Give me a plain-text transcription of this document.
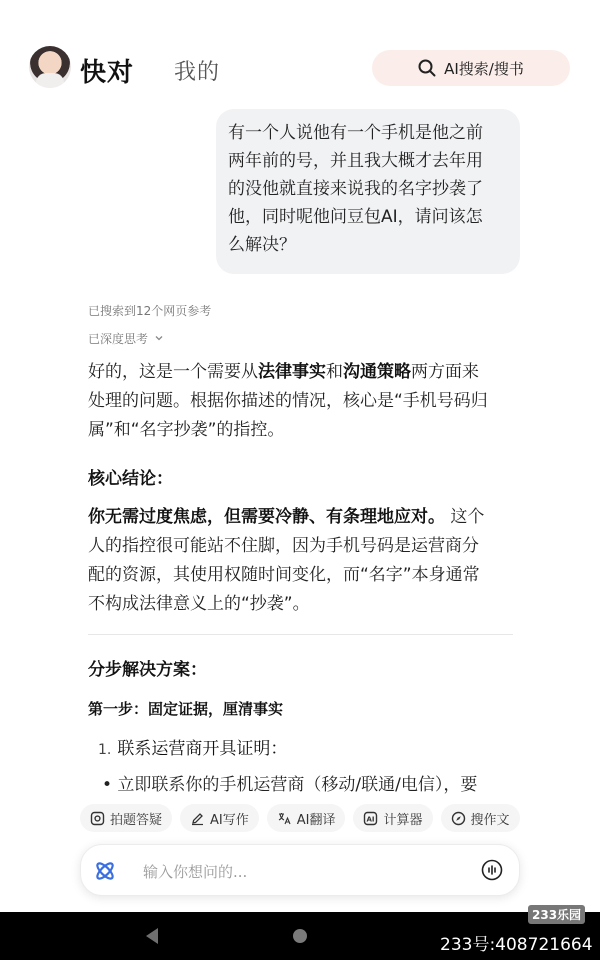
快对 我的	AI搜索/搜书
有一个人说他有一个手机是他之前
两年前的号，并且我大概才去年用
的没他就直接来说我的名字抄袭了
他，同时呢他问豆包AI，请问该怎
么解决？
已搜索到12个网页参考
已深度思考
好的，这是一个需要从法律事实和沟通策略两方面来
处理的问题。根据你描述的情况，核心是“手机号码归
属”和“名字抄袭”的指控。
核心结论：
你无需过度焦虑，但需要冷静、有条理地应对。 这个
人的指控很可能站不住脚，因为手机号码是运营商分
配的资源，其使用权随时间变化，而“名字”本身通常
不构成法律意义上的“抄袭”。
分步解决方案：
第一步：固定证据，厘清事实
1. 联系运营商开具证明：
• 立即联系你的手机运营商（移动/联通/电信），要
拍题答疑	AI写作	AI翻译	AI 计算器	搜作文
输入你想问的...
233乐园
233号:408721664
